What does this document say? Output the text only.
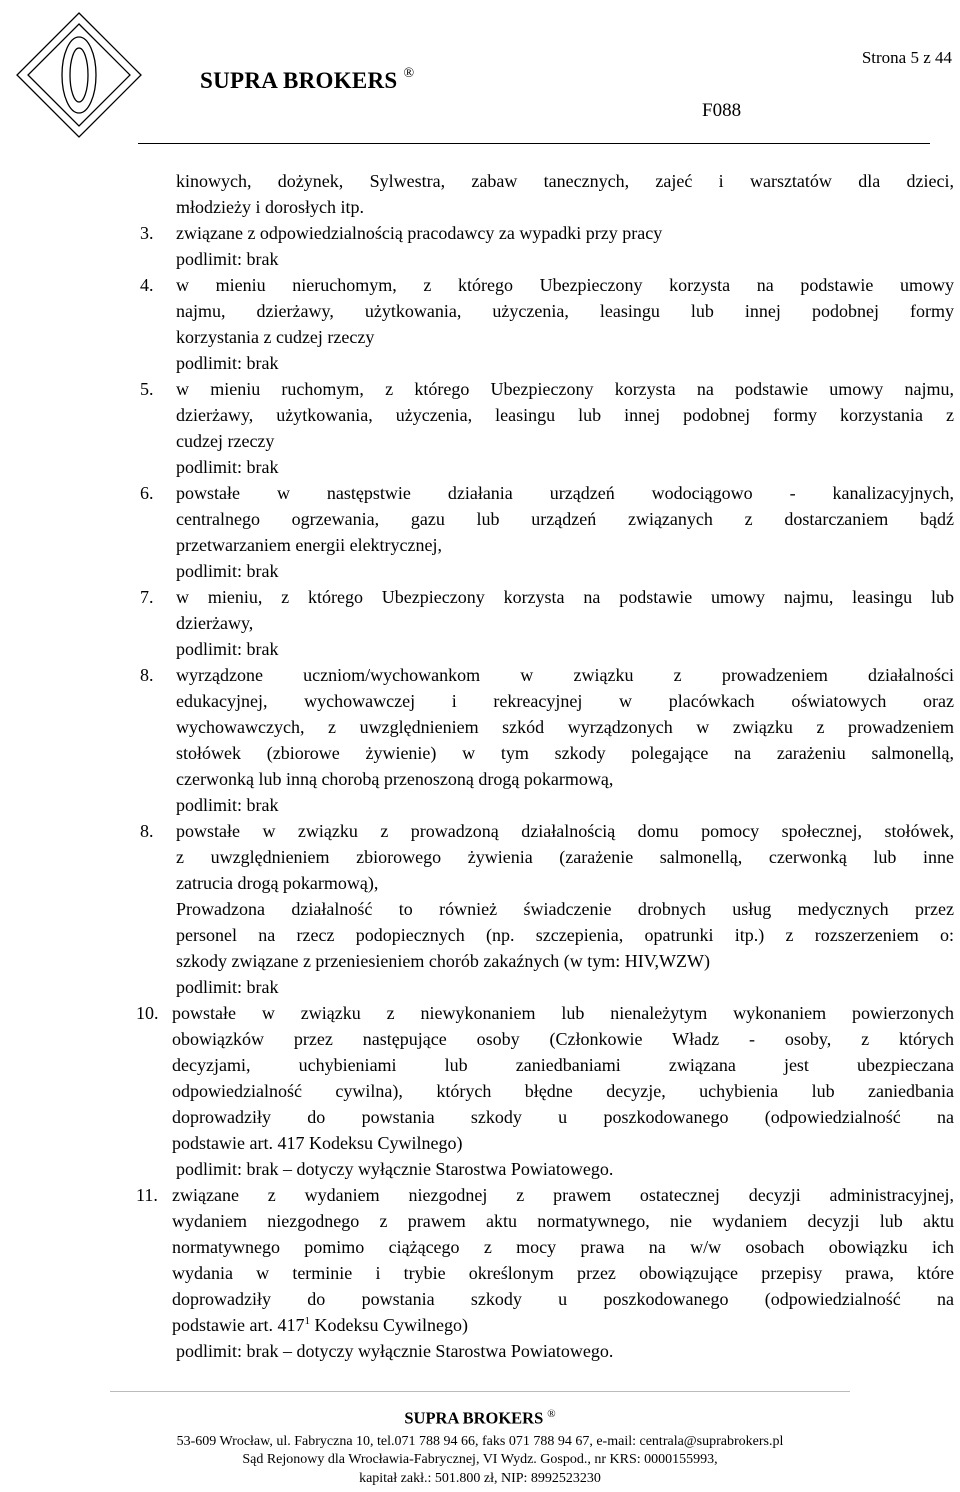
SUPRA BROKERS ®
Strona 5 z 44
F088
kinowych, dożynek, Sylwestra, zabaw tanecznych, zajeć i warsztatów dla dzieci,
młodzieży i dorosłych itp.
3. związane z odpowiedzialnością pracodawcy za wypadki przy pracy
podlimit: brak
4. w mieniu nieruchomym, z którego Ubezpieczony korzysta na podstawie umowy
najmu, dzierżawy, użytkowania, użyczenia, leasingu lub innej podobnej formy
korzystania z cudzej rzeczy
podlimit: brak
5. w mieniu ruchomym, z którego Ubezpieczony korzysta na podstawie umowy najmu,
dzierżawy, użytkowania, użyczenia, leasingu lub innej podobnej formy korzystania z
cudzej rzeczy
podlimit: brak
6. powstałe w następstwie działania urządzeń wodociągowo - kanalizacyjnych,
centralnego ogrzewania, gazu lub urządzeń związanych z dostarczaniem bądź
przetwarzaniem energii elektrycznej,
podlimit: brak
7. w mieniu, z którego Ubezpieczony korzysta na podstawie umowy najmu, leasingu lub
dzierżawy,
podlimit: brak
8. wyrządzone uczniom/wychowankom w związku z prowadzeniem działalności
edukacyjnej, wychowawczej i rekreacyjnej w placówkach oświatowych oraz
wychowawczych, z uwzględnieniem szkód wyrządzonych w związku z prowadzeniem
stołówek (zbiorowe żywienie) w tym szkody polegające na zarażeniu salmonellą,
czerwonką lub inną chorobą przenoszoną drogą pokarmową,
podlimit: brak
8. powstałe w związku z prowadzoną działalnością domu pomocy społecznej, stołówek,
z uwzględnieniem zbiorowego żywienia (zarażenie salmonellą, czerwonką lub inne
zatrucia drogą pokarmową),
Prowadzona działalność to również świadczenie drobnych usług medycznych przez
personel na rzecz podopiecznych (np. szczepienia, opatrunki itp.) z rozszerzeniem o:
szkody związane z przeniesieniem chorób zakaźnych (w tym: HIV,WZW)
podlimit: brak
10. powstałe w związku z niewykonaniem lub nienależytym wykonaniem powierzonych
obowiązków przez następujące osoby (Członkowie Władz - osoby, z których
decyzjami, uchybieniami lub zaniedbaniami związana jest ubezpieczana
odpowiedzialność cywilna), których błędne decyzje, uchybienia lub zaniedbania
doprowadziły do powstania szkody u poszkodowanego (odpowiedzialność na
podstawie art. 417 Kodeksu Cywilnego)
podlimit: brak – dotyczy wyłącznie Starostwa Powiatowego.
11. związane z wydaniem niezgodnej z prawem ostatecznej decyzji administracyjnej,
wydaniem niezgodnego z prawem aktu normatywnego, nie wydaniem decyzji lub aktu
normatywnego pomimo ciążącego z mocy prawa na w/w osobach obowiązku ich
wydania w terminie i trybie określonym przez obowiązujące przepisy prawa, które
doprowadziły do powstania szkody u poszkodowanego (odpowiedzialność na
podstawie art. $417^1$ Kodeksu Cywilnego)
podlimit: brak – dotyczy wyłącznie Starostwa Powiatowego.
SUPRA BROKERS ®
53-609 Wrocław, ul. Fabryczna 10, tel.071 788 94 66, faks 071 788 94 67, e-mail: centrala@suprabrokers.pl
Sąd Rejonowy dla Wrocławia-Fabrycznej, VI Wydz. Gospod., nr KRS: 0000155993,
kapitał zakł.: 501.800 zł, NIP: 8992523230
